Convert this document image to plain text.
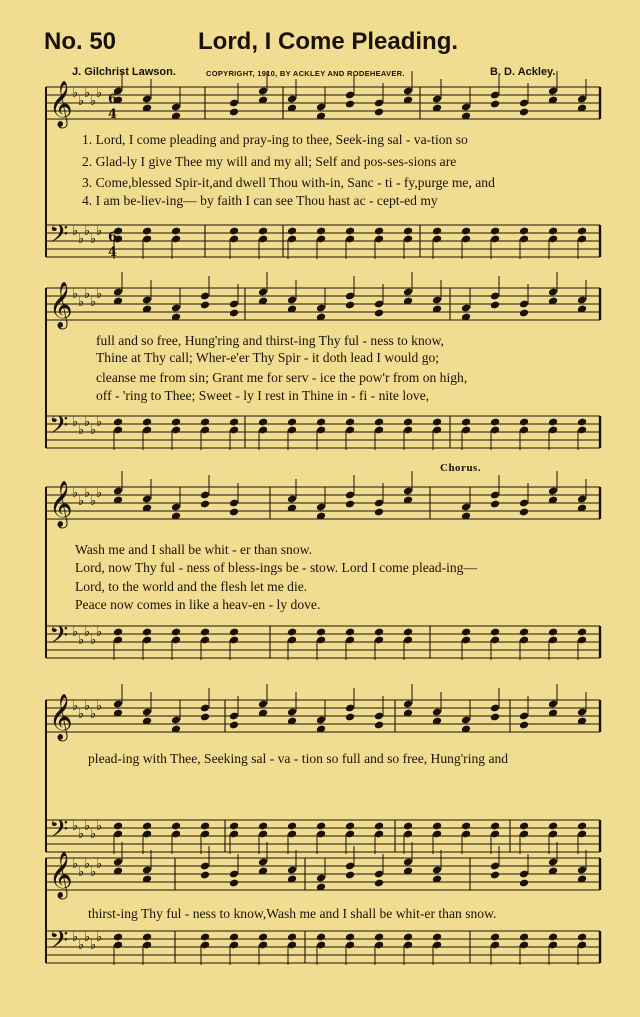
No. 50	Lord, I Come Pleading.
J. Gilchrist Lawson.	COPYRIGHT, 1910, BY ACKLEY AND RODEHEAVER.	B. D. Ackley.
Chorus.
𝄞 ♭
♭
♭
♭
♭
𝄢 ♭
♭
♭
♭
♭
𝄞 ♭
♭
♭
♭
♭
𝄢 ♭
♭
♭
♭
♭
𝄞 ♭
♭
♭
♭
♭
𝄢 ♭
♭
♭
♭
♭
𝄞 ♭
♭
♭
♭
♭
𝄢 ♭
♭
♭
♭
♭
𝄞 ♭
♭
♭
♭
♭
𝄢 ♭
♭
♭
♭
♭
6
4
6
4
1. Lord, I come pleading and pray-ing to thee, Seek-ing sal - va-tion so
2. Glad-ly I give Thee my will and my all; Self and pos-ses-sions are
3. Come,blessed Spir-it,and dwell Thou with-in, Sanc - ti - fy,purge me, and
4. I am be-liev-ing— by faith I can see Thou hast ac - cept-ed my
full and so free, Hung'ring and thirst-ing Thy ful - ness to know,
Thine at Thy call; Wher-e'er Thy Spir - it doth lead I would go;
cleanse me from sin; Grant me for serv - ice the pow'r from on high,
off - 'ring to Thee; Sweet - ly I rest in Thine in - fi - nite love,
Wash me and I shall be whit - er than snow.
Lord, now Thy ful - ness of bless-ings be - stow. Lord I come plead-ing—
Lord, to the world and the flesh let me die.
Peace now comes in like a heav-en - ly dove.
plead-ing with Thee, Seeking sal - va - tion so full and so free, Hung'ring and
thirst-ing Thy ful - ness to know,Wash me and I shall be whit-er than snow.
